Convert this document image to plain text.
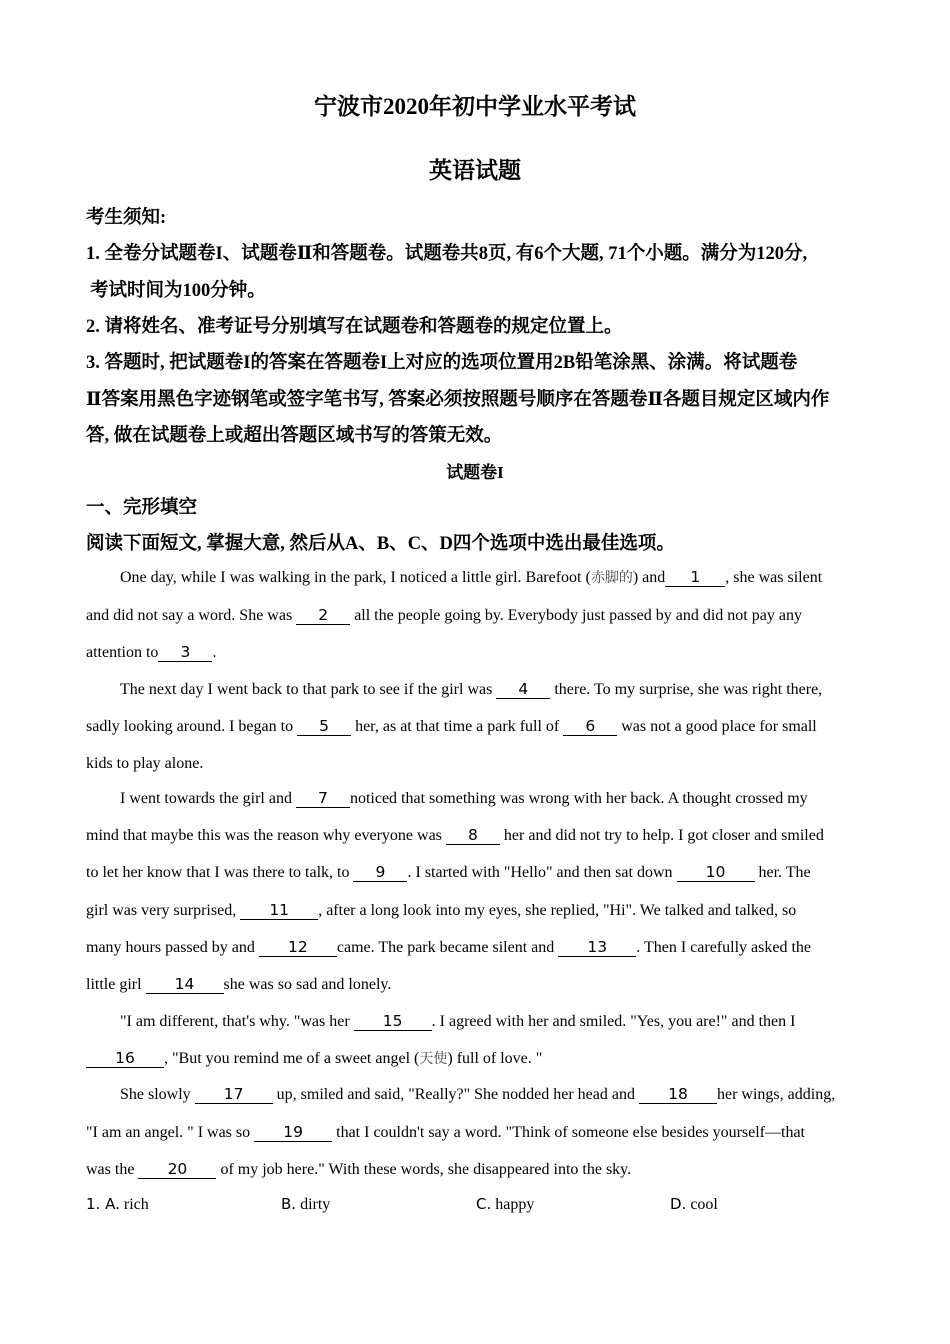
宁波市2020年初中学业水平考试
英语试题
考生须知:
1. 全卷分试题卷I、试题卷Ⅱ和答题卷。试题卷共8页, 有6个大题, 71个小题。满分为120分,
考试时间为100分钟。
2. 请将姓名、准考证号分别填写在试题卷和答题卷的规定位置上。
3. 答题时, 把试题卷I的答案在答题卷I上对应的选项位置用2B铅笔涂黑、涂满。将试题卷
Ⅱ答案用黑色字迹钢笔或签字笔书写, 答案必须按照题号顺序在答题卷Ⅱ各题目规定区域内作
答, 做在试题卷上或超出答题区域书写的答策无效。
试题卷I
一、完形填空
阅读下面短文, 掌握大意, 然后从A、B、C、D四个选项中选出最佳选项。
One day, while I was walking in the park, I noticed a little girl. Barefoot (赤脚的) and 1 , she was silent
and did not say a word. She was 2 all the people going by. Everybody just passed by and did not pay any
attention to 3 .
The next day I went back to that park to see if the girl was 4 there. To my surprise, she was right there,
sadly looking around. I began to 5 her, as at that time a park full of 6 was not a good place for small
kids to play alone.
I went towards the girl and 7 noticed that something was wrong with her back. A thought crossed my
mind that maybe this was the reason why everyone was 8 her and did not try to help. I got closer and smiled
to let her know that I was there to talk, to 9 . I started with "Hello" and then sat down 10 her. The
girl was very surprised, 11 , after a long look into my eyes, she replied, "Hi". We talked and talked, so
many hours passed by and 12 came. The park became silent and 13 . Then I carefully asked the
little girl 14 she was so sad and lonely.
"I am different, that's why. "was her 15 . I agreed with her and smiled. "Yes, you are!" and then I
16 , "But you remind me of a sweet angel (天使) full of love. "
She slowly 17 up, smiled and said, "Really?" She nodded her head and 18 her wings, adding,
"I am an angel. " I was so 19 that I couldn't say a word. "Think of someone else besides yourself—that
was the 20 of my job here." With these words, she disappeared into the sky.
1. A. rich	B. dirty	C. happy	D. cool
